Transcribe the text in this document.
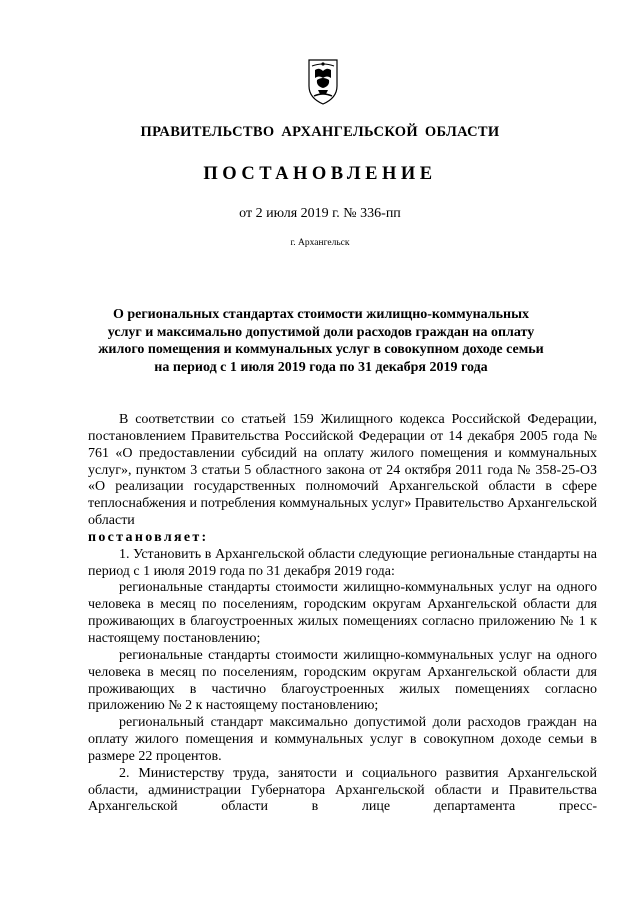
ПРАВИТЕЛЬСТВО АРХАНГЕЛЬСКОЙ ОБЛАСТИ
ПОСТАНОВЛЕНИЕ
от 2 июля 2019 г. № 336-пп
г. Архангельск
О региональных стандартах стоимости жилищно-коммунальных
услуг и максимально допустимой доли расходов граждан на оплату
жилого помещения и коммунальных услуг в совокупном доходе семьи
на период с 1 июля 2019 года по 31 декабря 2019 года

В соответствии со статьей 159 Жилищного кодекса Российской Федерации, постановлением Правительства Российской Федерации от 14 декабря 2005 года № 761 «О предоставлении субсидий на оплату жилого помещения и коммунальных услуг», пунктом 3 статьи 5 областного закона от 24 октября 2011 года № 358-25-ОЗ «О реализации государственных полномочий Архангельской области в сфере теплоснабжения и потребления коммунальных услуг» Правительство Архангельской области

постановляет:

1. Установить в Архангельской области следующие региональные стандарты на период с 1 июля 2019 года по 31 декабря 2019 года:

региональные стандарты стоимости жилищно-коммунальных услуг на одного человека в месяц по поселениям, городским округам Архангельской области для проживающих в благоустроенных жилых помещениях согласно приложению № 1 к настоящему постановлению;

региональные стандарты стоимости жилищно-коммунальных услуг на одного человека в месяц по поселениям, городским округам Архангельской области для проживающих в частично благоустроенных жилых помещениях согласно приложению № 2 к настоящему постановлению;

региональный стандарт максимально допустимой доли расходов граждан на оплату жилого помещения и коммунальных услуг в совокупном доходе семьи в размере 22 процентов.

2. Министерству труда, занятости и социального развития Архангельской области, администрации Губернатора Архангельской области и Правительства Архангельской области в лице департамента пресс-
